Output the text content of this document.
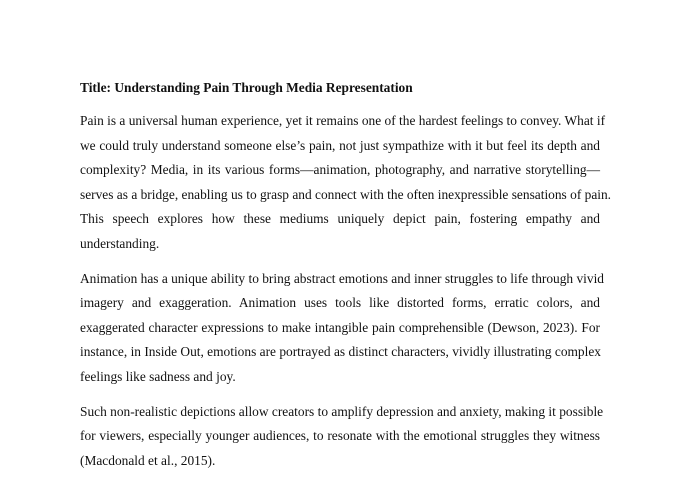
Title: Understanding Pain Through Media Representation
Pain is a universal human experience, yet it remains one of the hardest feelings to convey. What if
we could truly understand someone else’s pain, not just sympathize with it but feel its depth and
complexity? Media, in its various forms—animation, photography, and narrative storytelling—
serves as a bridge, enabling us to grasp and connect with the often inexpressible sensations of pain.
This speech explores how these mediums uniquely depict pain, fostering empathy and
understanding.
Animation has a unique ability to bring abstract emotions and inner struggles to life through vivid
imagery and exaggeration. Animation uses tools like distorted forms, erratic colors, and
exaggerated character expressions to make intangible pain comprehensible (Dewson, 2023). For
instance, in Inside Out, emotions are portrayed as distinct characters, vividly illustrating complex
feelings like sadness and joy.
Such non-realistic depictions allow creators to amplify depression and anxiety, making it possible
for viewers, especially younger audiences, to resonate with the emotional struggles they witness
(Macdonald et al., 2015).
